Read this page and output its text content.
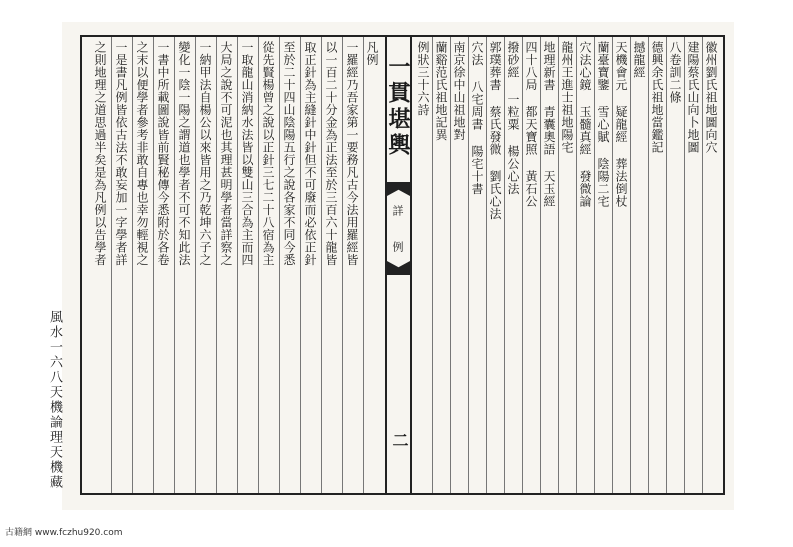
凡例
一羅經乃吾家第一要務凡古今法用羅經皆
以一百二十分金為正法至於三百六十龍皆
取正針為主縫針中針但不可廢而必依正針
至於二十四山陰陽五行之說各家不同今悉
從先賢楊曾之說以正針三七二十八宿為主
一取龍山消納水法皆以雙山三合為主而四
大局之說不可泥也其理甚明學者當詳察之
一納甲法自楊公以來皆用之乃乾坤六子之
變化一陰一陽之謂道也學者不可不知此法
一書中所載圖說皆前賢秘傳今悉附於各卷
之末以便學者參考非敢自專也幸勿輕視之
一是書凡例皆依古法不敢妄加一字學者詳
之則地理之道思過半矣是為凡例以告學者	一貫堪輿
詳 例
二
徽州劉氏祖地圖向穴
建陽蔡氏山向卜地圖
八卷訓二條
德興余氏祖地當鑑記
撼龍經
天機會元 疑龍經 葬法倒杖
蘭臺寶鑒 雪心賦 陰陽二宅
穴法心鏡 玉髓真經 發微論
龍州王進士祖地陽宅
地理新書 青囊奧語 天玉經
四十八局 都天寶照 黃石公
撥砂經 一粒粟 楊公心法
郭璞葬書 蔡氏發微 劉氏心法
穴法 八宅周書 陽宅十書
南京徐中山祖地對
蘭谿范氏祖地記異
例狀三十六詩
風水一六八天機論理天機藏
古籍網 www.fczhu920.com
